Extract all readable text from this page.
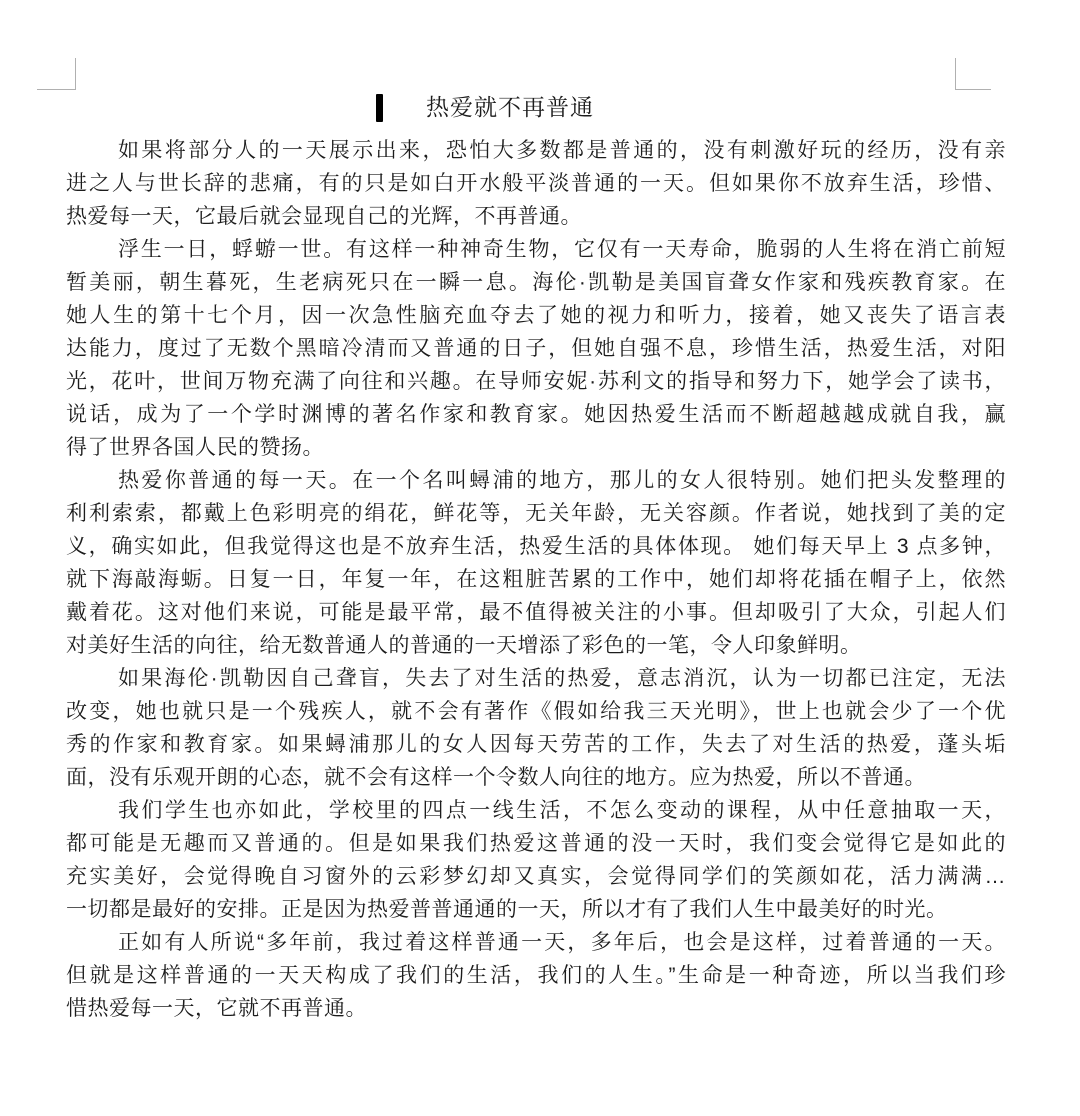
热爱就不再普通
如果将部分人的一天展示出来，恐怕大多数都是普通的，没有刺激好玩的经历，没有亲
进之人与世长辞的悲痛，有的只是如白开水般平淡普通的一天。但如果你不放弃生活，珍惜、
热爱每一天，它最后就会显现自己的光辉，不再普通。
浮生一日，蜉蝣一世。有这样一种神奇生物，它仅有一天寿命，脆弱的人生将在消亡前短
暂美丽，朝生暮死，生老病死只在一瞬一息。海伦·凯勒是美国盲聋女作家和残疾教育家。在
她人生的第十七个月，因一次急性脑充血夺去了她的视力和听力，接着，她又丧失了语言表
达能力，度过了无数个黑暗冷清而又普通的日子，但她自强不息，珍惜生活，热爱生活，对阳
光，花叶，世间万物充满了向往和兴趣。在导师安妮·苏利文的指导和努力下，她学会了读书，
说话，成为了一个学时渊博的著名作家和教育家。她因热爱生活而不断超越越成就自我，赢
得了世界各国人民的赞扬。
热爱你普通的每一天。在一个名叫蟳浦的地方，那儿的女人很特别。她们把头发整理的
利利索索，都戴上色彩明亮的绢花，鲜花等，无关年龄，无关容颜。作者说，她找到了美的定
义，确实如此，但我觉得这也是不放弃生活，热爱生活的具体体现。 她们每天早上 3 点多钟，
就下海敲海蛎。日复一日，年复一年，在这粗脏苦累的工作中，她们却将花插在帽子上，依然
戴着花。这对他们来说，可能是最平常，最不值得被关注的小事。但却吸引了大众，引起人们
对美好生活的向往，给无数普通人的普通的一天增添了彩色的一笔，令人印象鲜明。
如果海伦·凯勒因自己聋盲，失去了对生活的热爱，意志消沉，认为一切都已注定，无法
改变，她也就只是一个残疾人，就不会有著作《假如给我三天光明》，世上也就会少了一个优
秀的作家和教育家。如果蟳浦那儿的女人因每天劳苦的工作，失去了对生活的热爱，蓬头垢
面，没有乐观开朗的心态，就不会有这样一个令数人向往的地方。应为热爱，所以不普通。
我们学生也亦如此，学校里的四点一线生活，不怎么变动的课程，从中任意抽取一天，
都可能是无趣而又普通的。但是如果我们热爱这普通的没一天时，我们变会觉得它是如此的
充实美好，会觉得晚自习窗外的云彩梦幻却又真实，会觉得同学们的笑颜如花，活力满满…
一切都是最好的安排。正是因为热爱普普通通的一天，所以才有了我们人生中最美好的时光。
正如有人所说“多年前，我过着这样普通一天，多年后，也会是这样，过着普通的一天。
但就是这样普通的一天天构成了我们的生活，我们的人生。”生命是一种奇迹，所以当我们珍
惜热爱每一天，它就不再普通。
